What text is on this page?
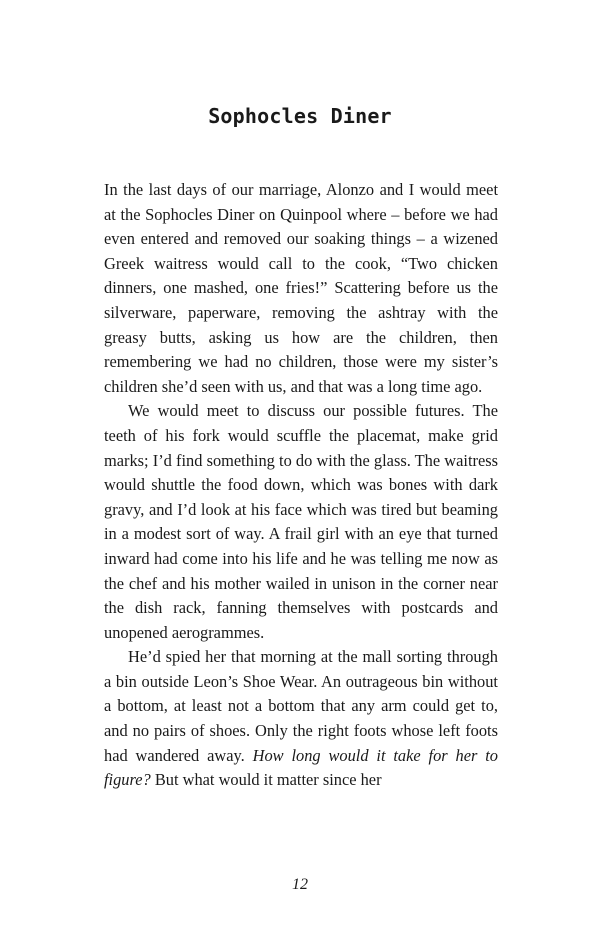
Sophocles Diner

In the last days of our marriage, Alonzo and I would meet at the Sophocles Diner on Quinpool where – before we had even entered and removed our soaking things – a wizened Greek waitress would call to the cook, “Two chicken dinners, one mashed, one fries!” Scattering before us the silverware, paperware, removing the ashtray with the greasy butts, asking us how are the children, then remembering we had no children, those were my sister’s children she’d seen with us, and that was a long time ago.

We would meet to discuss our possible futures. The teeth of his fork would scuffle the placemat, make grid marks; I’d find something to do with the glass. The waitress would shuttle the food down, which was bones with dark gravy, and I’d look at his face which was tired but beaming in a modest sort of way. A frail girl with an eye that turned inward had come into his life and he was telling me now as the chef and his mother wailed in unison in the corner near the dish rack, fanning themselves with postcards and unopened aerogrammes.

He’d spied her that morning at the mall sorting through a bin outside Leon’s Shoe Wear. An outrageous bin without a bottom, at least not a bottom that any arm could get to, and no pairs of shoes. Only the right foots whose left foots had wandered away. How long would it take for her to figure? But what would it matter since her

12
